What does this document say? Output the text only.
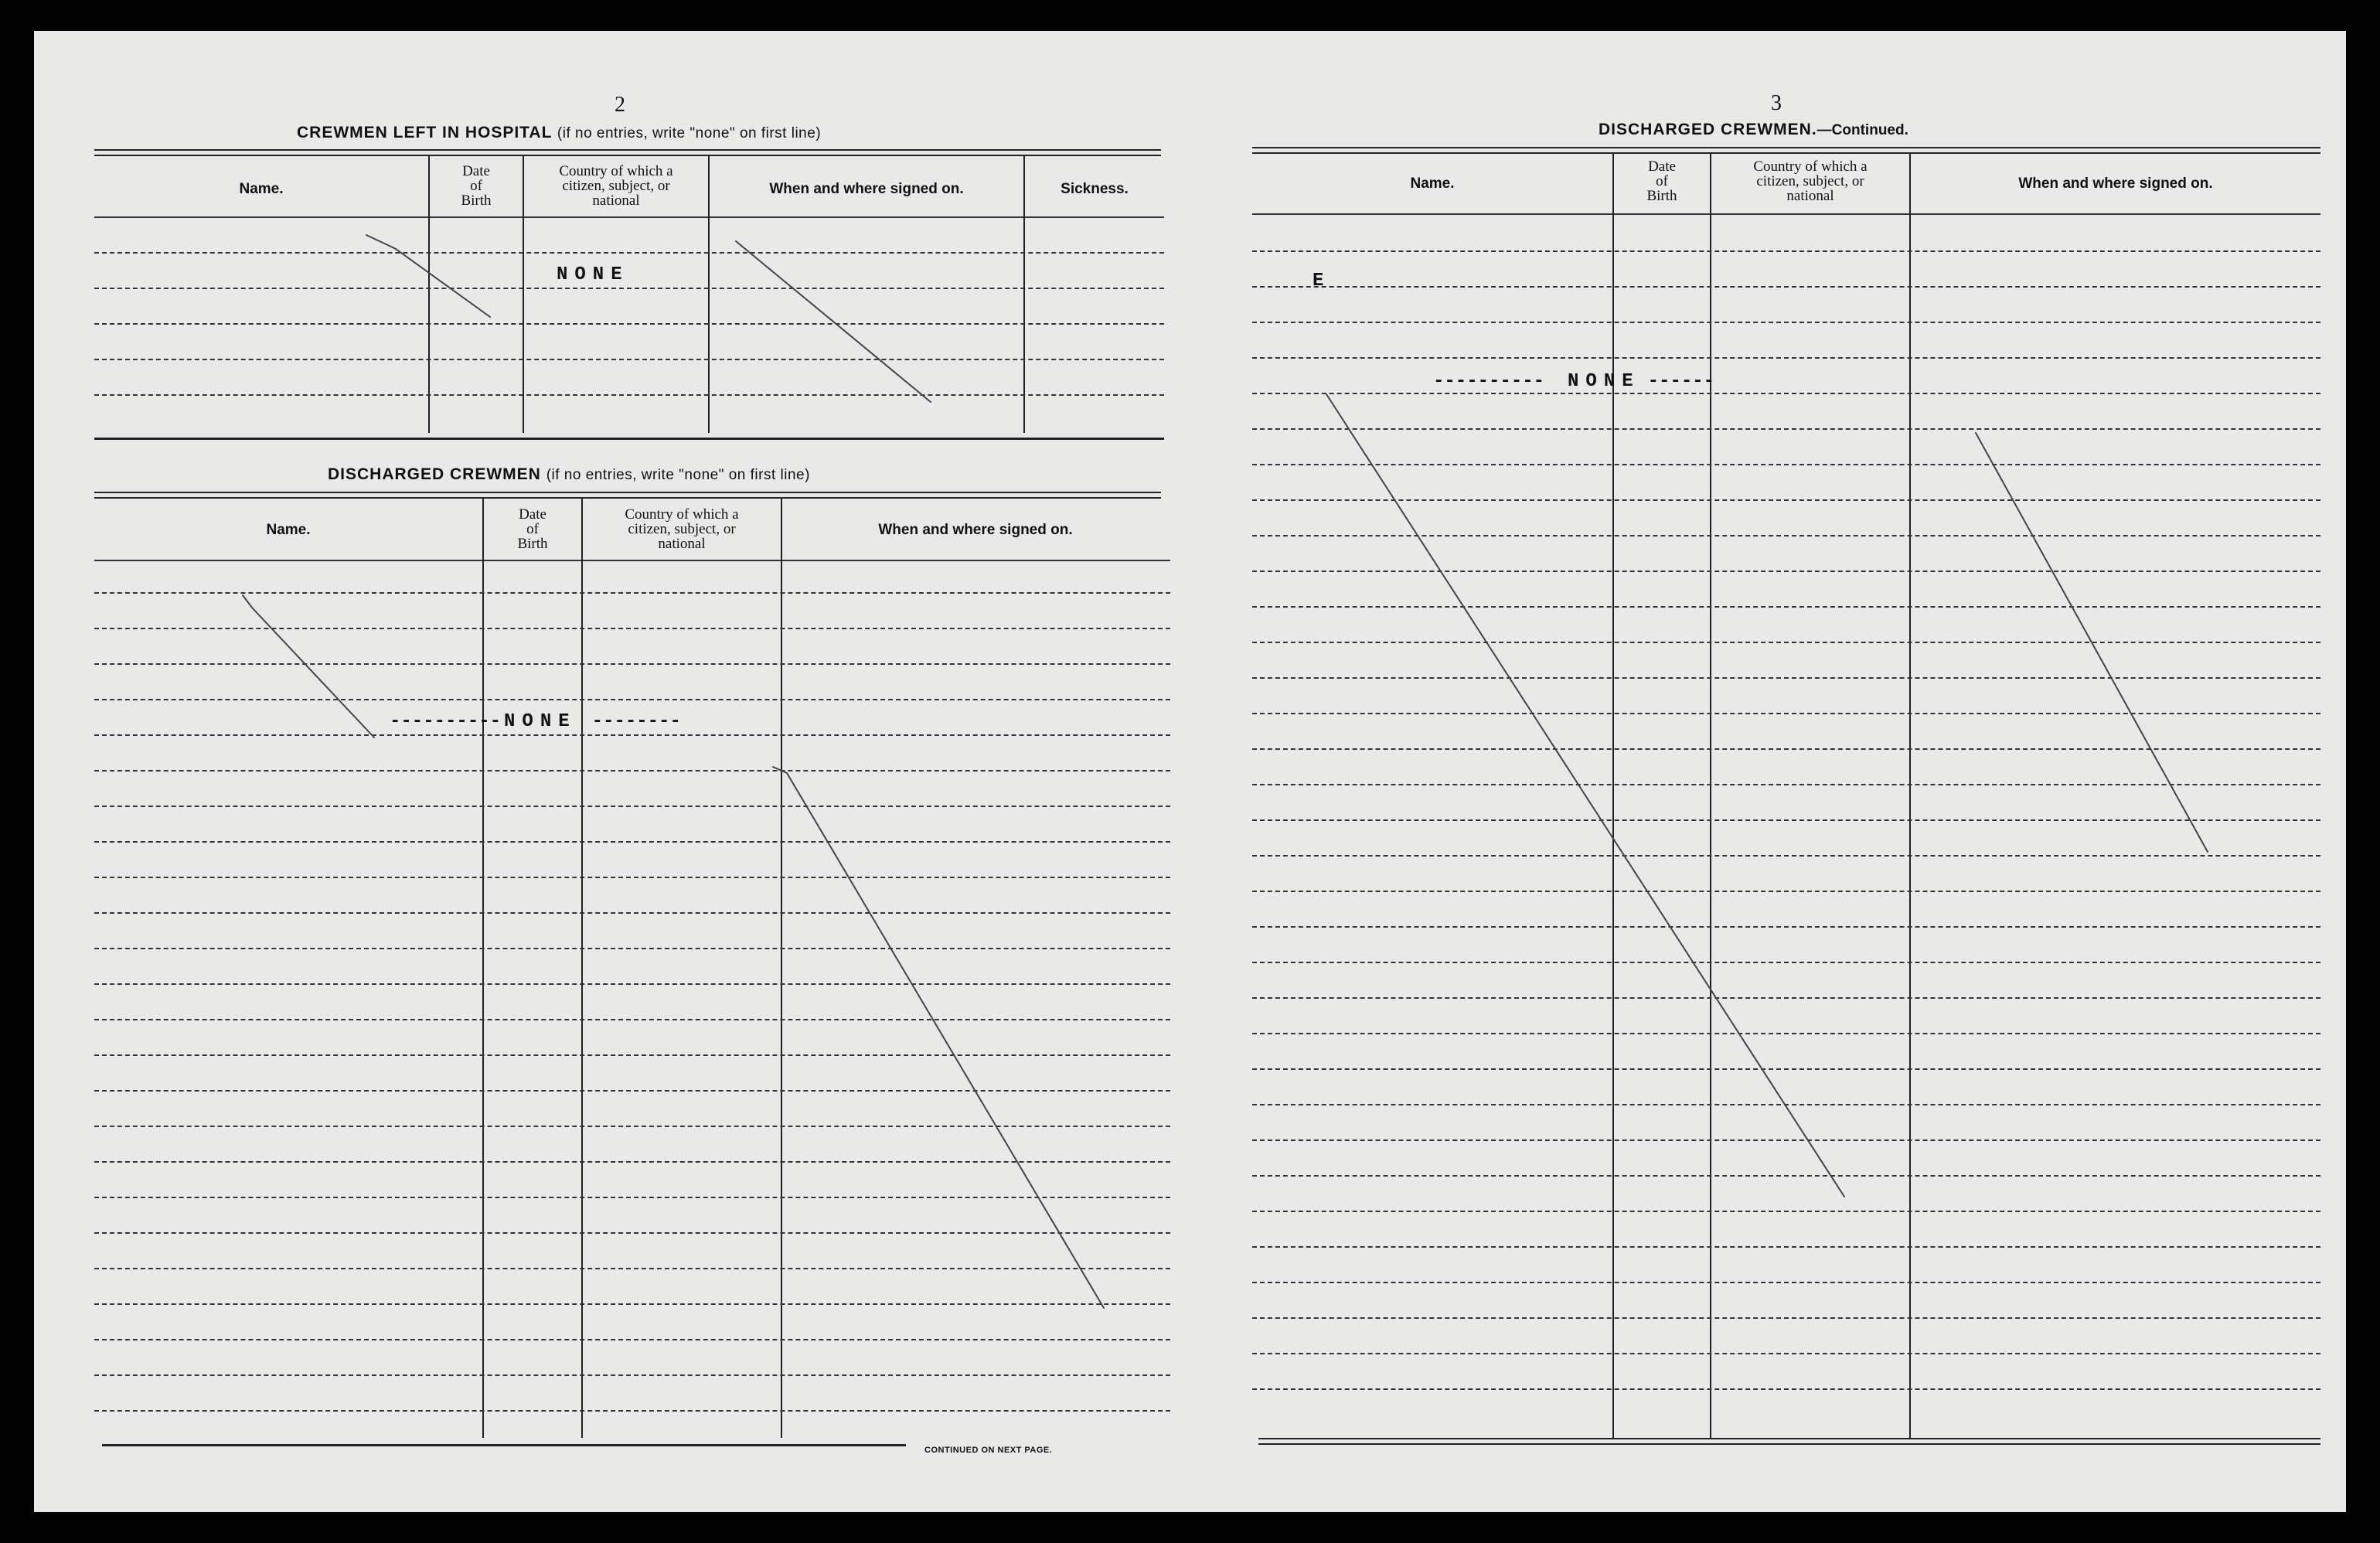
2
CREWMEN LEFT IN HOSPITAL (if no entries, write "none" on first line)
Name.
Date
of
Birth
Country of which a
citizen, subject, or
national
When and where signed on.	Sickness.
NONE
DISCHARGED CREWMEN (if no entries, write "none" on first line)
Name.
Date
of
Birth
Country of which a
citizen, subject, or
national
When and where signed on.
---------- NONE --------
CONTINUED ON NEXT PAGE.
3
DISCHARGED CREWMEN.—Continued.
Name.
Date
of
Birth
Country of which a
citizen, subject, or
national
When and where signed on.
E
---------- NONE ------
